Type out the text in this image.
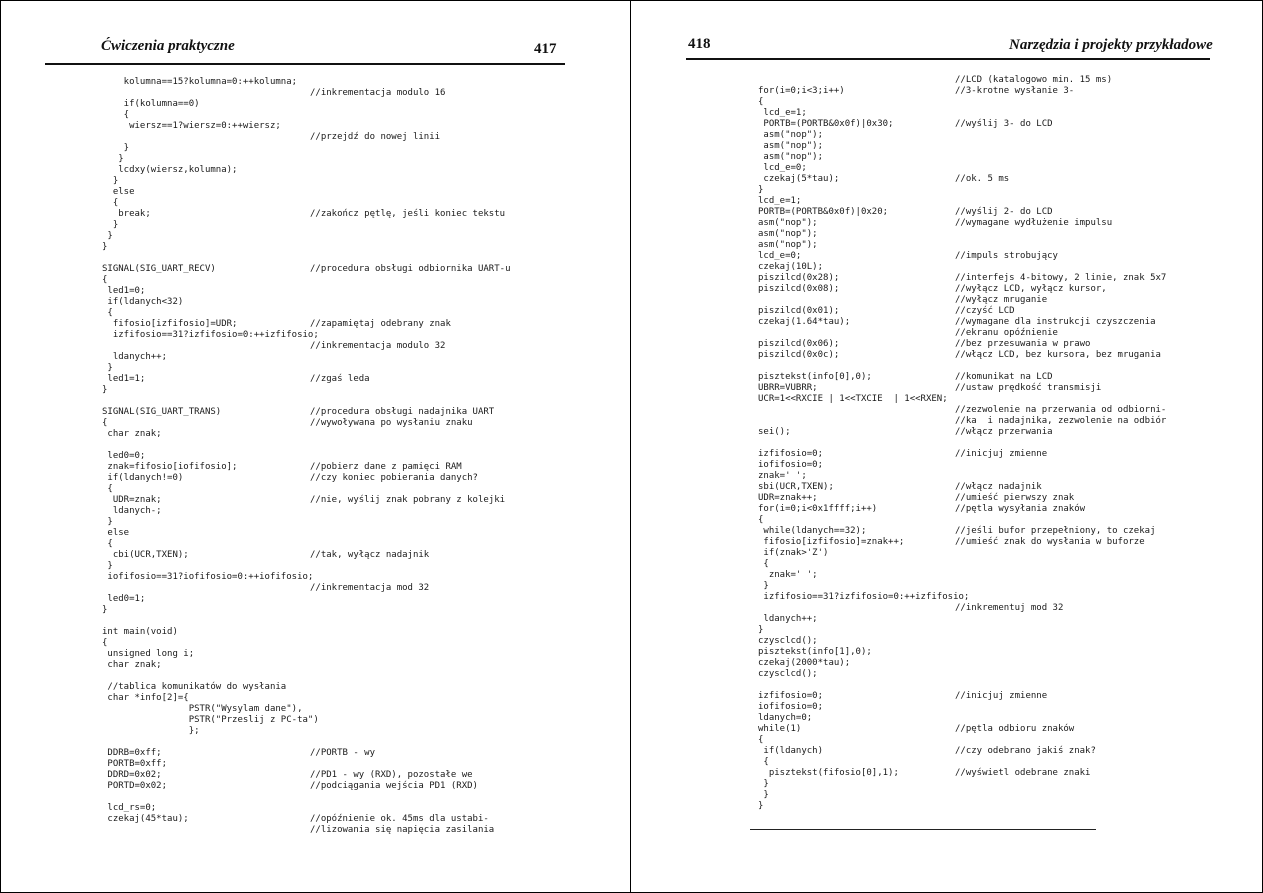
Ćwiczenia praktyczne	417
kolumna==15?kolumna=0:++kolumna;
//inkrementacja modulo 16
if(kolumna==0)
{
wiersz==1?wiersz=0:++wiersz;
//przejdź do nowej linii
}
}
lcdxy(wiersz,kolumna);
}
else
{
break;	//zakończ pętlę, jeśli koniec tekstu
}
}
}
SIGNAL(SIG_UART_RECV)	//procedura obsługi odbiornika UART-u
{
led1=0;
if(ldanych<32)
{
fifosio[izfifosio]=UDR;	//zapamiętaj odebrany znak
izfifosio==31?izfifosio=0:++izfifosio;
//inkrementacja modulo 32
ldanych++;
}
led1=1;	//zgaś leda
}
SIGNAL(SIG_UART_TRANS)	//procedura obsługi nadajnika UART
{	//wywoływana po wysłaniu znaku
char znak;
led0=0;
znak=fifosio[iofifosio];	//pobierz dane z pamięci RAM
if(ldanych!=0)	//czy koniec pobierania danych?
{
UDR=znak;	//nie, wyślij znak pobrany z kolejki
ldanych-;
}
else
{
cbi(UCR,TXEN);	//tak, wyłącz nadajnik
}
iofifosio==31?iofifosio=0:++iofifosio;
//inkrementacja mod 32
led0=1;
}
int main(void)
{
unsigned long i;
char znak;
//tablica komunikatów do wysłania
char *info[2]={
PSTR("Wysylam dane"),
PSTR("Przeslij z PC-ta")
};
DDRB=0xff;	//PORTB - wy
PORTB=0xff;
DDRD=0x02;	//PD1 - wy (RXD), pozostałe we
PORTD=0x02;	//podciągania wejścia PD1 (RXD)
lcd_rs=0;
czekaj(45*tau);	//opóźnienie ok. 45ms dla ustabi-
//lizowania się napięcia zasilania
418	Narzędzia i projekty przykładowe
//LCD (katalogowo min. 15 ms)
for(i=0;i<3;i++)	//3-krotne wysłanie 3-
{
lcd_e=1;
PORTB=(PORTB&0x0f)|0x30;	//wyślij 3- do LCD
asm("nop");
asm("nop");
asm("nop");
lcd_e=0;
czekaj(5*tau);	//ok. 5 ms
}
lcd_e=1;
PORTB=(PORTB&0x0f)|0x20;	//wyślij 2- do LCD
asm("nop");	//wymagane wydłużenie impulsu
asm("nop");
asm("nop");
lcd_e=0;	//impuls strobujący
czekaj(10L);
piszilcd(0x28);	//interfejs 4-bitowy, 2 linie, znak 5x7
piszilcd(0x08);	//wyłącz LCD, wyłącz kursor,
//wyłącz mruganie
piszilcd(0x01);	//czyść LCD
czekaj(1.64*tau);	//wymagane dla instrukcji czyszczenia
//ekranu opóźnienie
piszilcd(0x06);	//bez przesuwania w prawo
piszilcd(0x0c);	//włącz LCD, bez kursora, bez mrugania
pisztekst(info[0],0);	//komunikat na LCD
UBRR=VUBRR;	//ustaw prędkość transmisji
UCR=1<<RXCIE | 1<<TXCIE  | 1<<RXEN;
//zezwolenie na przerwania od odbiorni-
//ka  i nadajnika, zezwolenie na odbiór
sei();	//włącz przerwania
izfifosio=0;	//inicjuj zmienne
iofifosio=0;
znak=' ';
sbi(UCR,TXEN);	//włącz nadajnik
UDR=znak++;	//umieść pierwszy znak
for(i=0;i<0x1ffff;i++)	//pętla wysyłania znaków
{
while(ldanych==32);	//jeśli bufor przepełniony, to czekaj
fifosio[izfifosio]=znak++;	//umieść znak do wysłania w buforze
if(znak>'Z')
{
znak=' ';
}
izfifosio==31?izfifosio=0:++izfifosio;
//inkrementuj mod 32
ldanych++;
}
czysclcd();
pisztekst(info[1],0);
czekaj(2000*tau);
czysclcd();
izfifosio=0;	//inicjuj zmienne
iofifosio=0;
ldanych=0;
while(1)	//pętla odbioru znaków
{
if(ldanych)	//czy odebrano jakiś znak?
{
pisztekst(fifosio[0],1);	//wyświetl odebrane znaki
}
}
}
